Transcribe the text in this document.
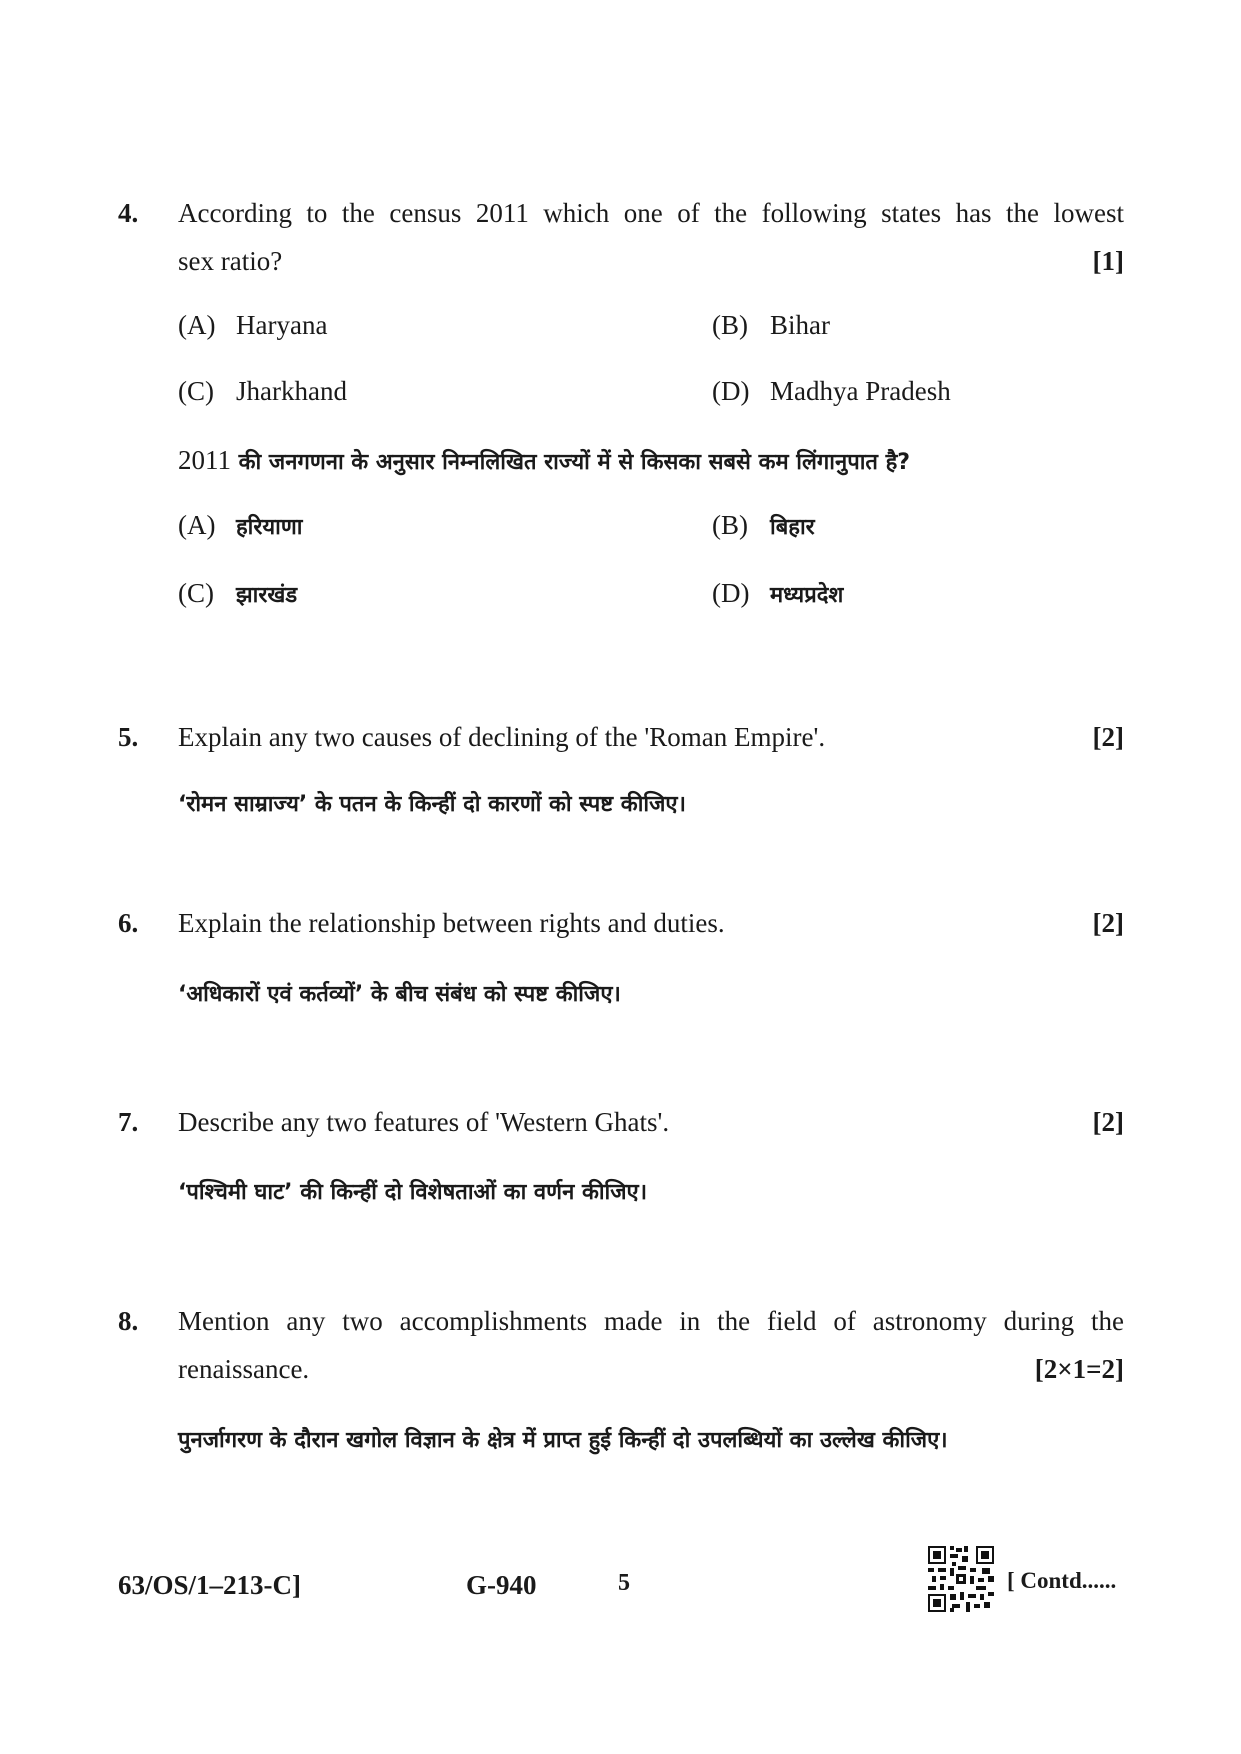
4. According to the census 2011 which one of the following states has the lowest
sex ratio?	[1]
(A) Haryana	(B) Bihar
(C) Jharkhand	(D) Madhya Pradesh
2011 की जनगणना के अनुसार निम्नलिखित राज्यों में से किसका सबसे कम लिंगानुपात है?
(A) हरियाणा	(B) बिहार
(C) झारखंड	(D) मध्यप्रदेश
5. Explain any two causes of declining of the 'Roman Empire'.	[2]
‘रोमन साम्राज्य’ के पतन के किन्हीं दो कारणों को स्पष्ट कीजिए।
6. Explain the relationship between rights and duties.	[2]
‘अधिकारों एवं कर्तव्यों’ के बीच संबंध को स्पष्ट कीजिए।
7. Describe any two features of 'Western Ghats'.	[2]
‘पश्चिमी घाट’ की किन्हीं दो विशेषताओं का वर्णन कीजिए।
8. Mention any two accomplishments made in the field of astronomy during the
renaissance.	[2×1=2]
पुनर्जागरण के दौरान खगोल विज्ञान के क्षेत्र में प्राप्त हुई किन्हीं दो उपलब्धियों का उल्लेख कीजिए।
63/OS/1–213-C]	G-940	5	[ Contd......
